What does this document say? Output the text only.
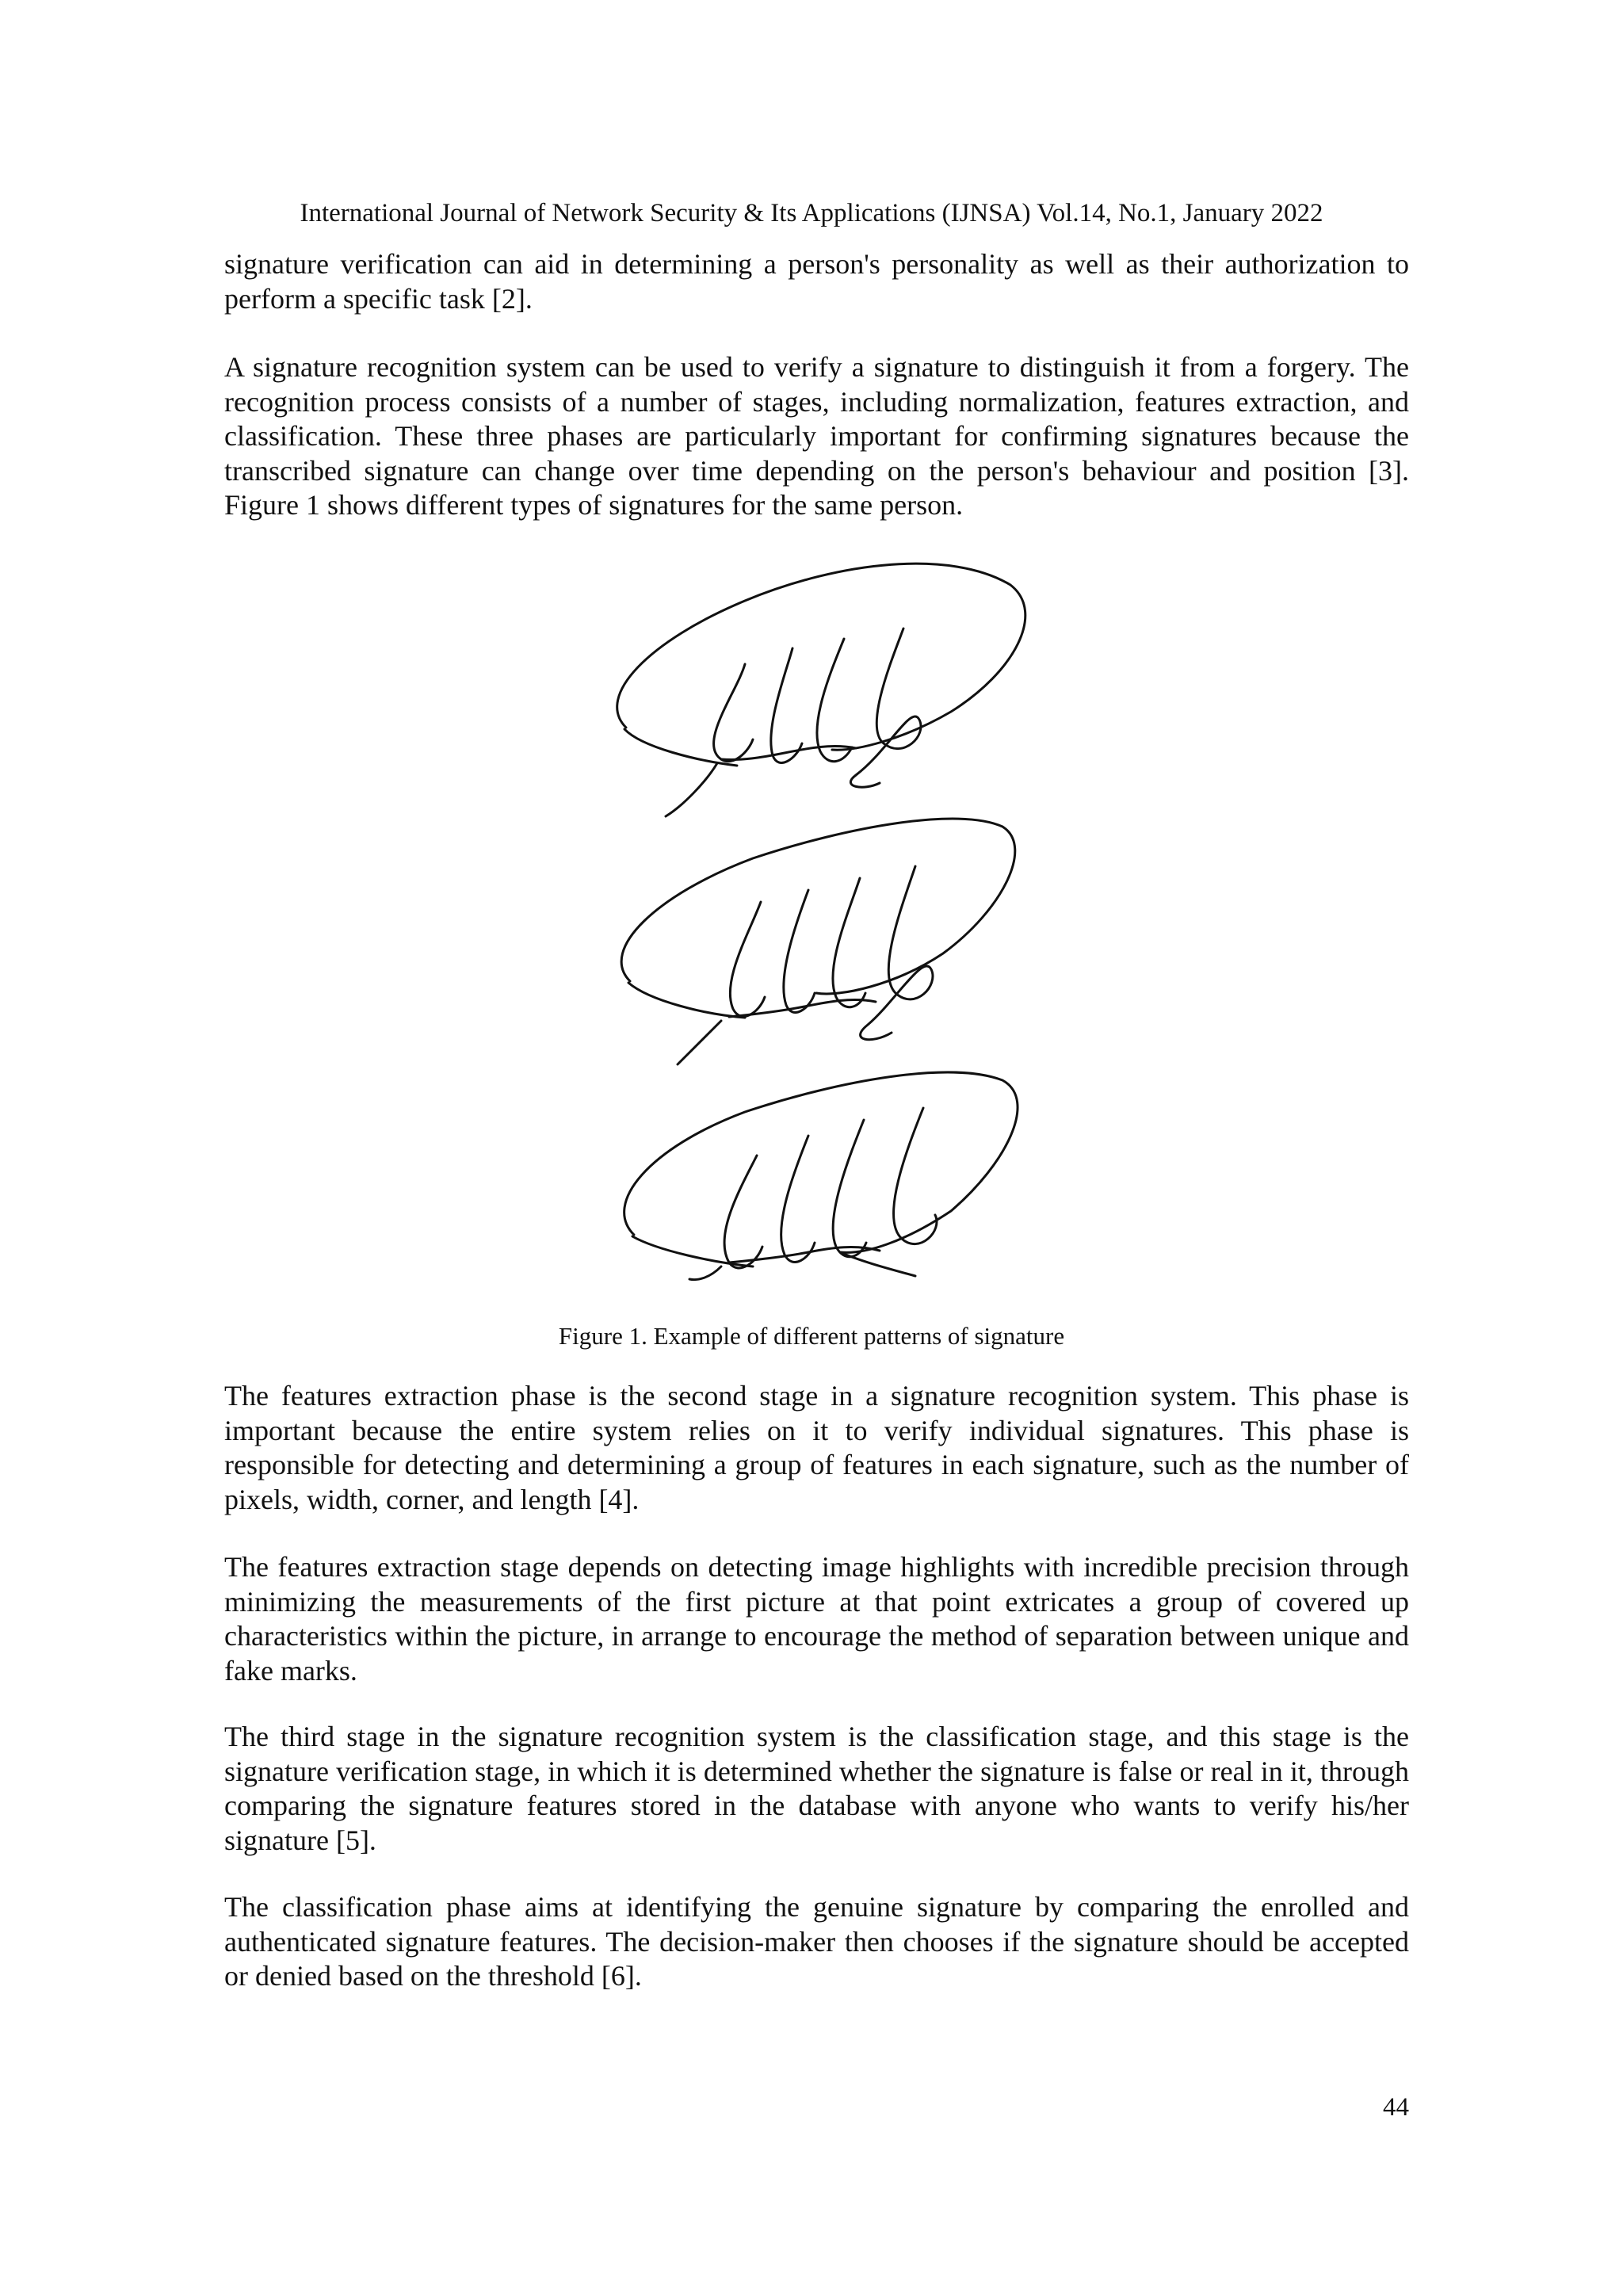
International Journal of Network Security & Its Applications (IJNSA) Vol.14, No.1, January 2022

signature verification can aid in determining a person's personality as well as their authorization to perform a specific task [2].

A signature recognition system can be used to verify a signature to distinguish it from a forgery. The recognition process consists of a number of stages, including normalization, features extraction, and classification. These three phases are particularly important for confirming signatures because the transcribed signature can change over time depending on the person's behaviour and position [3]. Figure 1 shows different types of signatures for the same person.

Figure 1. Example of different patterns of signature

The features extraction phase is the second stage in a signature recognition system. This phase is important because the entire system relies on it to verify individual signatures. This phase is responsible for detecting and determining a group of features in each signature, such as the number of pixels, width, corner, and length [4].

The features extraction stage depends on detecting image highlights with incredible precision through minimizing the measurements of the first picture at that point extricates a group of covered up characteristics within the picture, in arrange to encourage the method of separation between unique and fake marks.

The third stage in the signature recognition system is the classification stage, and this stage is the signature verification stage, in which it is determined whether the signature is false or real in it, through comparing the signature features stored in the database with anyone who wants to verify his/her signature [5].

The classification phase aims at identifying the genuine signature by comparing the enrolled and authenticated signature features. The decision-maker then chooses if the signature should be accepted or denied based on the threshold [6].

44
